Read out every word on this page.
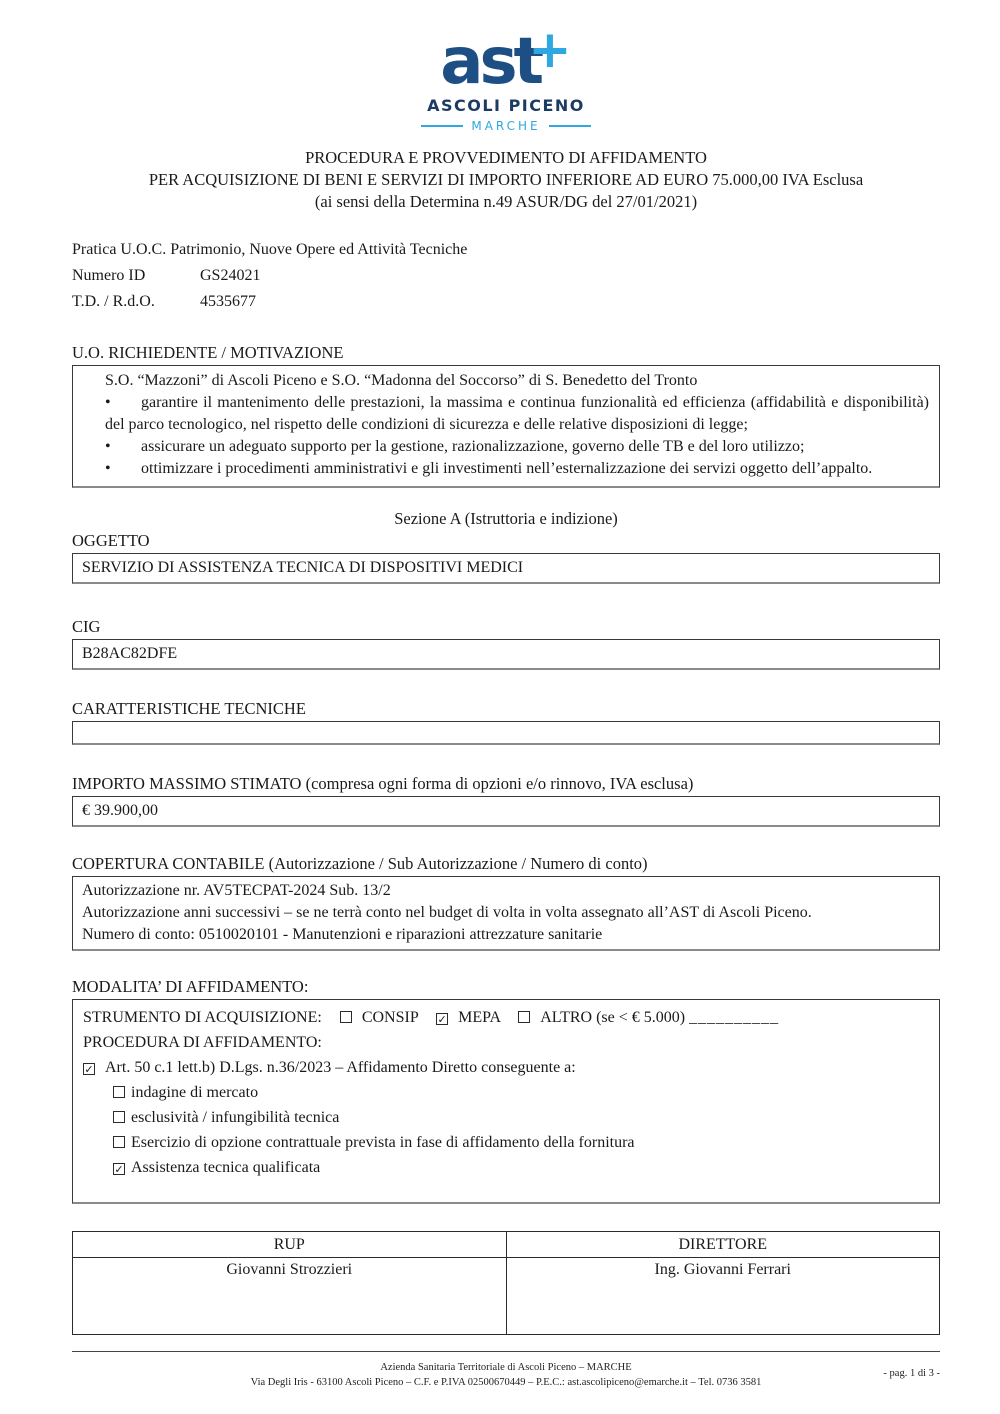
ast+
ASCOLI PICENO
MARCHE
PROCEDURA E PROVVEDIMENTO DI AFFIDAMENTO
PER ACQUISIZIONE DI BENI E SERVIZI DI IMPORTO INFERIORE AD EURO 75.000,00 IVA Esclusa
(ai sensi della Determina n.49 ASUR/DG del 27/01/2021)
Pratica U.O.C. Patrimonio, Nuove Opere ed Attività Tecniche
Numero ID	GS24021
T.D. / R.d.O.	4535677
U.O. RICHIEDENTE / MOTIVAZIONE
S.O. “Mazzoni” di Ascoli Piceno e S.O. “Madonna del Soccorso” di S. Benedetto del Tronto

• garantire il mantenimento delle prestazioni, la massima e continua funzionalità ed efficienza (affidabilità e disponibilità) del parco tecnologico, nel rispetto delle condizioni di sicurezza e delle relative disposizioni di legge;

• assicurare un adeguato supporto per la gestione, razionalizzazione, governo delle TB e del loro utilizzo;

• ottimizzare i procedimenti amministrativi e gli investimenti nell’esternalizzazione dei servizi oggetto dell’appalto.

Sezione A (Istruttoria e indizione)
OGGETTO
SERVIZIO DI ASSISTENZA TECNICA DI DISPOSITIVI MEDICI
CIG
B28AC82DFE
CARATTERISTICHE TECNICHE
IMPORTO MASSIMO STIMATO (compresa ogni forma di opzioni e/o rinnovo, IVA esclusa)
€ 39.900,00
COPERTURA CONTABILE (Autorizzazione / Sub Autorizzazione / Numero di conto)
Autorizzazione nr. AV5TECPAT-2024 Sub. 13/2
Autorizzazione anni successivi – se ne terrà conto nel budget di volta in volta assegnato all’AST di Ascoli Piceno.
Numero di conto: 0510020101 - Manutenzioni e riparazioni attrezzature sanitarie
MODALITA’ DI AFFIDAMENTO:
STRUMENTO DI ACQUISIZIONE:	CONSIP ✓ MEPA	ALTRO (se < € 5.000) __________
PROCEDURA DI AFFIDAMENTO:
✓ Art. 50 c.1 lett.b) D.Lgs. n.36/2023 – Affidamento Diretto conseguente a:
indagine di mercato
esclusività / infungibilità tecnica
Esercizio di opzione contrattuale prevista in fase di affidamento della fornitura
✓ Assistenza tecnica qualificata
RUP	DIRETTORE
Giovanni Strozzieri	Ing. Giovanni Ferrari
Azienda Sanitaria Territoriale di Ascoli Piceno – MARCHE
Via Degli Iris - 63100 Ascoli Piceno – C.F. e P.IVA 02500670449 – P.E.C.: ast.ascolipiceno@emarche.it – Tel. 0736 3581
- pag. 1 di 3 -
